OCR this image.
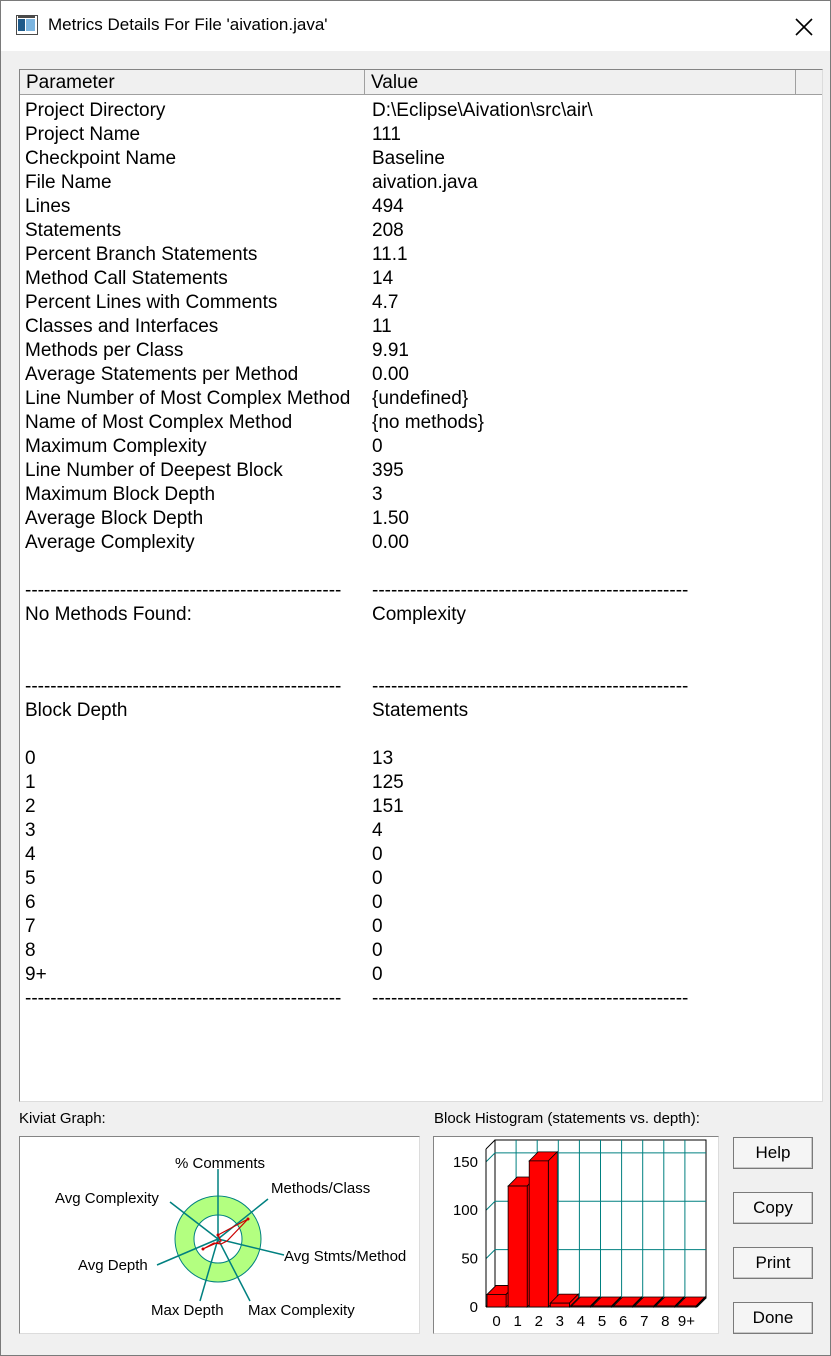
Metrics Details For File 'aivation.java'
Parameter	Value
Project Directory	D:\Eclipse\Aivation\src\air\
Project Name	111
Checkpoint Name	Baseline
File Name	aivation.java
Lines	494
Statements	208
Percent Branch Statements	11.1
Method Call Statements	14
Percent Lines with Comments	4.7
Classes and Interfaces	11
Methods per Class	9.91
Average Statements per Method	0.00
Line Number of Most Complex Method {undefined}
Name of Most Complex Method	{no methods}
Maximum Complexity	0
Line Number of Deepest Block	395
Maximum Block Depth	3
Average Block Depth	1.50
Average Complexity	0.00
-------------------------------------------------- --------------------------------------------------
No Methods Found:	Complexity
-------------------------------------------------- --------------------------------------------------
Block Depth	Statements
0	13
1	125
2	151
3	4
4	0
5	0
6	0
7	0
8	0
9+	0
-------------------------------------------------- --------------------------------------------------
Kiviat Graph:	Block Histogram (statements vs. depth):
% Comments
Methods/Class
Avg Stmts/Method
Max Complexity
Max Depth
Avg Depth
Avg Complexity
0
50
100
150
0 1 2 3 4 5 6 7 8 9+
Help
Copy
Print
Done
